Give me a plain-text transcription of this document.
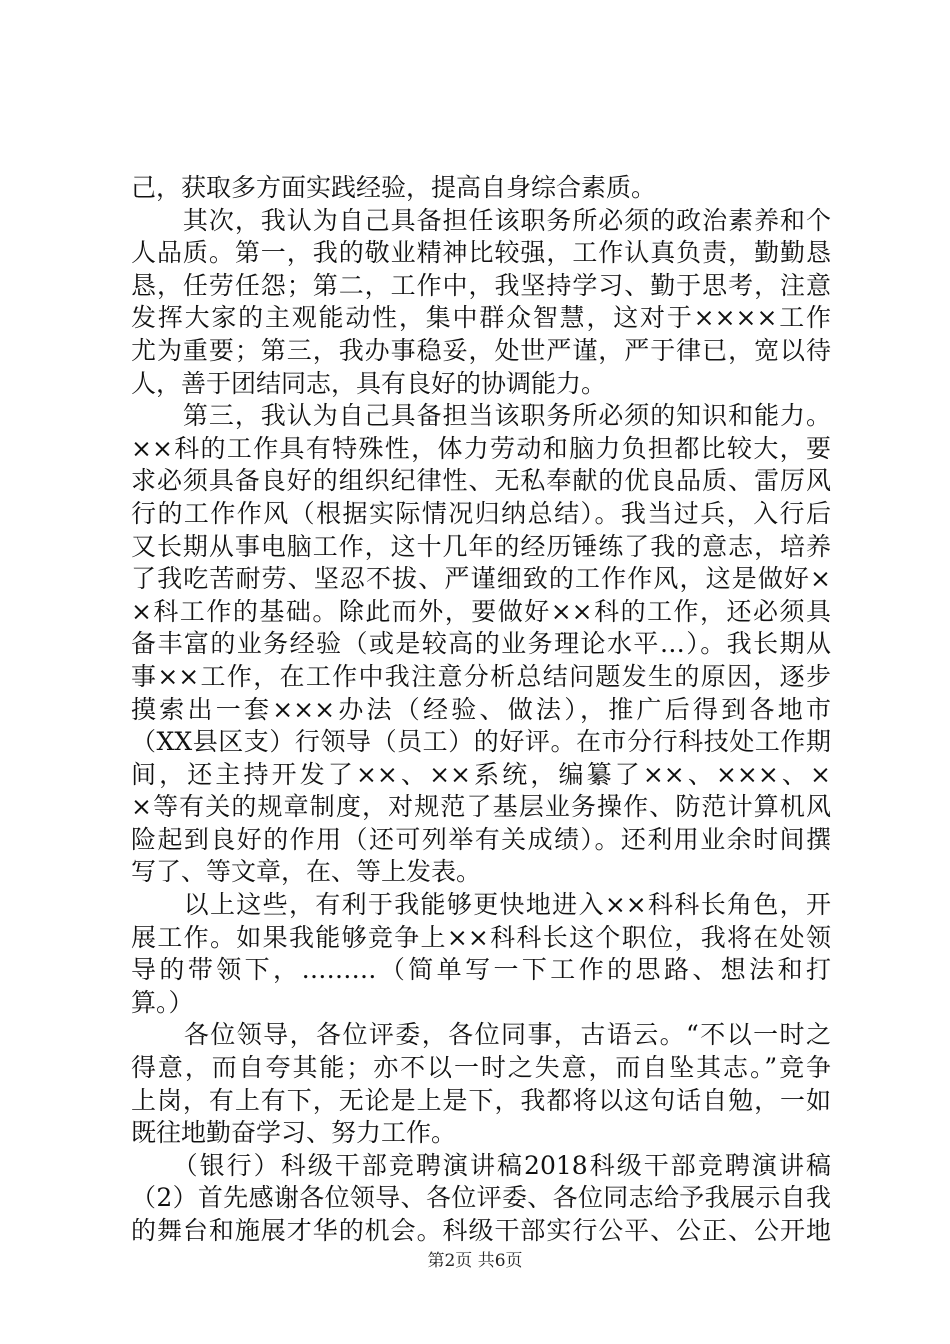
己，获取多方面实践经验，提高自身综合素质。
　　其次，我认为自己具备担任该职务所必须的政治素养和个
人品质。第一，我的敬业精神比较强，工作认真负责，勤勤恳
恳，任劳任怨；第二，工作中，我坚持学习、勤于思考，注意
发挥大家的主观能动性，集中群众智慧，这对于××××工作
尤为重要；第三，我办事稳妥，处世严谨，严于律已，宽以待
人，善于团结同志，具有良好的协调能力。
　　第三，我认为自己具备担当该职务所必须的知识和能力。
××科的工作具有特殊性，体力劳动和脑力负担都比较大，要
求必须具备良好的组织纪律性、无私奉献的优良品质、雷厉风
行的工作作风（根据实际情况归纳总结）。我当过兵，入行后
又长期从事电脑工作，这十几年的经历锤练了我的意志，培养
了我吃苦耐劳、坚忍不拔、严谨细致的工作作风，这是做好×
×科工作的基础。除此而外，要做好××科的工作，还必须具
备丰富的业务经验（或是较高的业务理论水平…）。我长期从
事××工作，在工作中我注意分析总结问题发生的原因，逐步
摸索出一套×××办法（经验、做法），推广后得到各地市
（XX县区支）行领导（员工）的好评。在市分行科技处工作期
间，还主持开发了××、××系统，编纂了××、×××、×
×等有关的规章制度，对规范了基层业务操作、防范计算机风
险起到良好的作用（还可列举有关成绩）。还利用业余时间撰
写了、等文章，在、等上发表。
　　以上这些，有利于我能够更快地进入××科科长角色，开
展工作。如果我能够竞争上××科科长这个职位，我将在处领
导的带领下，………（简单写一下工作的思路、想法和打
算。）
　　各位领导，各位评委，各位同事，古语云。“不以一时之
得意，而自夸其能；亦不以一时之失意，而自坠其志。”竞争
上岗，有上有下，无论是上是下，我都将以这句话自勉，一如
既往地勤奋学习、努力工作。
　　（银行）科级干部竞聘演讲稿2018科级干部竞聘演讲稿
（2）首先感谢各位领导、各位评委、各位同志给予我展示自我
的舞台和施展才华的机会。科级干部实行公平、公正、公开地
第2页 共6页
